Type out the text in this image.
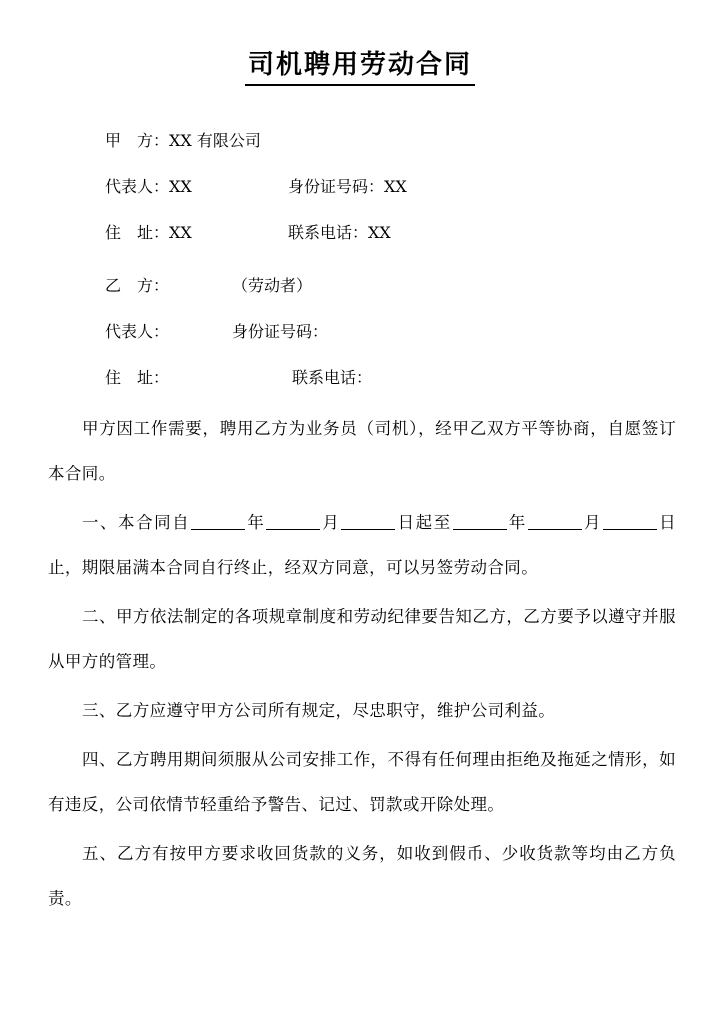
司机聘用劳动合同
甲　方：XX 有限公司
代表人：XX	身份证号码：XX
住　址：XX	联系电话：XX
乙　方：	（劳动者）
代表人：	身份证号码：
住　址：	联系电话：

甲方因工作需要，聘用乙方为业务员（司机），经甲乙双方平等协商，自愿签订本合同。

一、本合同自	年	月	日起至	年	月	日止，期限届满本合同自行终止，经双方同意，可以另签劳动合同。

二、甲方依法制定的各项规章制度和劳动纪律要告知乙方，乙方要予以遵守并服从甲方的管理。

三、乙方应遵守甲方公司所有规定，尽忠职守，维护公司利益。

四、乙方聘用期间须服从公司安排工作，不得有任何理由拒绝及拖延之情形，如有违反，公司依情节轻重给予警告、记过、罚款或开除处理。

五、乙方有按甲方要求收回货款的义务，如收到假币、少收货款等均由乙方负责。
